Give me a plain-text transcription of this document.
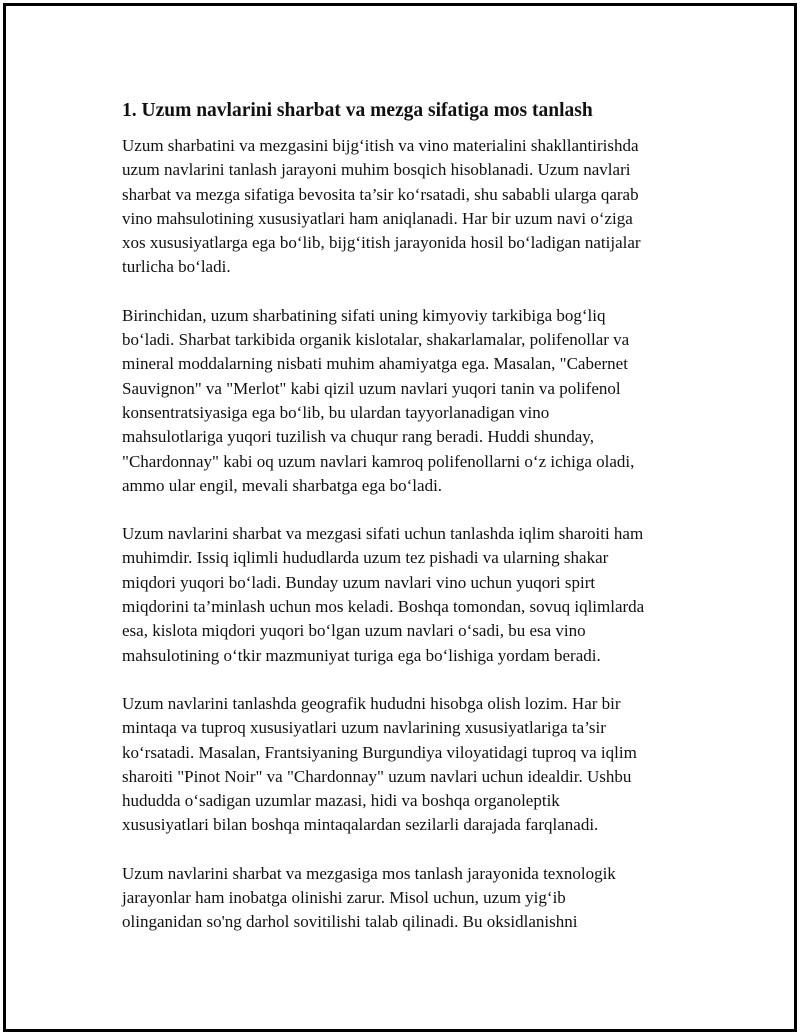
1. Uzum navlarini sharbat va mezga sifatiga mos tanlash

Uzum sharbatini va mezgasini bijg‘itish va vino materialini shakllantirishda
uzum navlarini tanlash jarayoni muhim bosqich hisoblanadi. Uzum navlari
sharbat va mezga sifatiga bevosita ta’sir ko‘rsatadi, shu sababli ularga qarab
vino mahsulotining xususiyatlari ham aniqlanadi. Har bir uzum navi o‘ziga
xos xususiyatlarga ega bo‘lib, bijg‘itish jarayonida hosil bo‘ladigan natijalar
turlicha bo‘ladi.

Birinchidan, uzum sharbatining sifati uning kimyoviy tarkibiga bog‘liq
bo‘ladi. Sharbat tarkibida organik kislotalar, shakarlamalar, polifenollar va
mineral moddalarning nisbati muhim ahamiyatga ega. Masalan, "Cabernet
Sauvignon" va "Merlot" kabi qizil uzum navlari yuqori tanin va polifenol
konsentratsiyasiga ega bo‘lib, bu ulardan tayyorlanadigan vino
mahsulotlariga yuqori tuzilish va chuqur rang beradi. Huddi shunday,
"Chardonnay" kabi oq uzum navlari kamroq polifenollarni o‘z ichiga oladi,
ammo ular engil, mevali sharbatga ega bo‘ladi.

Uzum navlarini sharbat va mezgasi sifati uchun tanlashda iqlim sharoiti ham
muhimdir. Issiq iqlimli hududlarda uzum tez pishadi va ularning shakar
miqdori yuqori bo‘ladi. Bunday uzum navlari vino uchun yuqori spirt
miqdorini ta’minlash uchun mos keladi. Boshqa tomondan, sovuq iqlimlarda
esa, kislota miqdori yuqori bo‘lgan uzum navlari o‘sadi, bu esa vino
mahsulotining o‘tkir mazmuniyat turiga ega bo‘lishiga yordam beradi.

Uzum navlarini tanlashda geografik hududni hisobga olish lozim. Har bir
mintaqa va tuproq xususiyatlari uzum navlarining xususiyatlariga ta’sir
ko‘rsatadi. Masalan, Frantsiyaning Burgundiya viloyatidagi tuproq va iqlim
sharoiti "Pinot Noir" va "Chardonnay" uzum navlari uchun idealdir. Ushbu
hududda o‘sadigan uzumlar mazasi, hidi va boshqa organoleptik
xususiyatlari bilan boshqa mintaqalardan sezilarli darajada farqlanadi.

Uzum navlarini sharbat va mezgasiga mos tanlash jarayonida texnologik
jarayonlar ham inobatga olinishi zarur. Misol uchun, uzum yig‘ib
olinganidan so'ng darhol sovitilishi talab qilinadi. Bu oksidlanishni
